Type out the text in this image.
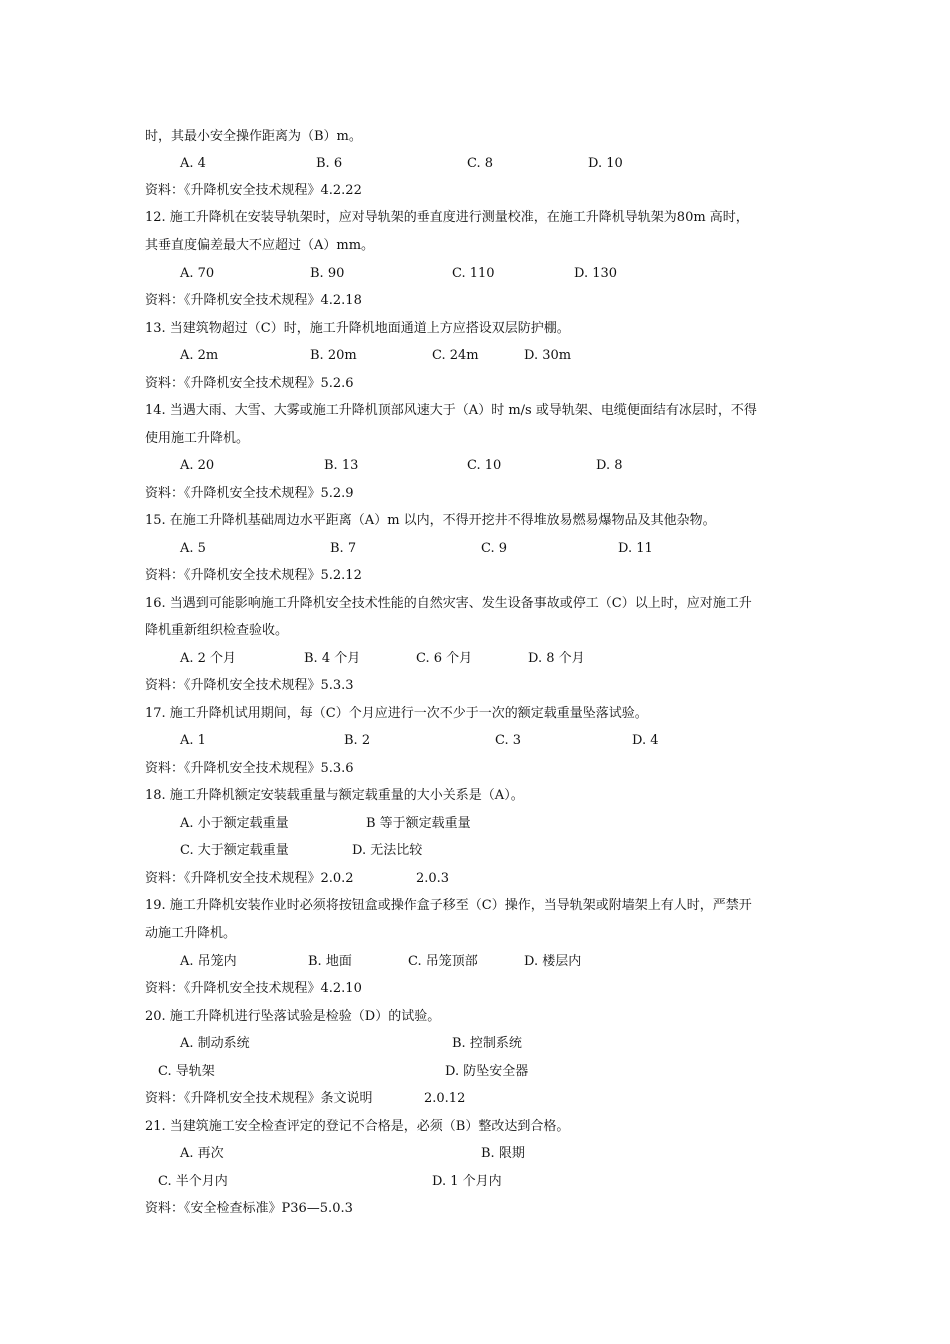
时，其最小安全操作距离为（B）m。
A. 4	B. 6	C. 8	D. 10
资料：《升降机安全技术规程》4.2.22
12. 施工升降机在安装导轨架时，应对导轨架的垂直度进行测量校准，在施工升降机导轨架为80m 高时，
其垂直度偏差最大不应超过（A）mm。
A. 70	B. 90	C. 110	D. 130
资料：《升降机安全技术规程》4.2.18
13. 当建筑物超过（C）时，施工升降机地面通道上方应搭设双层防护棚。
A. 2m	B. 20m	C. 24m	D. 30m
资料：《升降机安全技术规程》5.2.6
14. 当遇大雨、大雪、大雾或施工升降机顶部风速大于（A）时 m/s 或导轨架、电缆便面结有冰层时，不得
使用施工升降机。
A. 20	B. 13	C. 10	D. 8
资料：《升降机安全技术规程》5.2.9
15. 在施工升降机基础周边水平距离（A）m 以内，不得开挖井不得堆放易燃易爆物品及其他杂物。
A. 5	B. 7	C. 9	D. 11
资料：《升降机安全技术规程》5.2.12
16. 当遇到可能影响施工升降机安全技术性能的自然灾害、发生设备事故或停工（C）以上时，应对施工升
降机重新组织检查验收。
A. 2 个月	B. 4 个月	C. 6 个月	D. 8 个月
资料：《升降机安全技术规程》5.3.3
17. 施工升降机试用期间，每（C）个月应进行一次不少于一次的额定载重量坠落试验。
A. 1	B. 2	C. 3	D. 4
资料：《升降机安全技术规程》5.3.6
18. 施工升降机额定安装载重量与额定载重量的大小关系是（A）。
A. 小于额定载重量	B 等于额定载重量
C. 大于额定载重量	D. 无法比较
资料：《升降机安全技术规程》2.0.2	2.0.3
19. 施工升降机安装作业时必须将按钮盒或操作盒子移至（C）操作，当导轨架或附墙架上有人时，严禁开
动施工升降机。
A. 吊笼内	B. 地面	C. 吊笼顶部	D. 楼层内
资料：《升降机安全技术规程》4.2.10
20. 施工升降机进行坠落试验是检验（D）的试验。
A. 制动系统	B. 控制系统
C. 导轨架	D. 防坠安全器
资料：《升降机安全技术规程》条文说明	2.0.12
21. 当建筑施工安全检查评定的登记不合格是，必须（B）整改达到合格。
A. 再次	B. 限期
C. 半个月内	D. 1 个月内
资料：《安全检查标准》P36—5.0.3
